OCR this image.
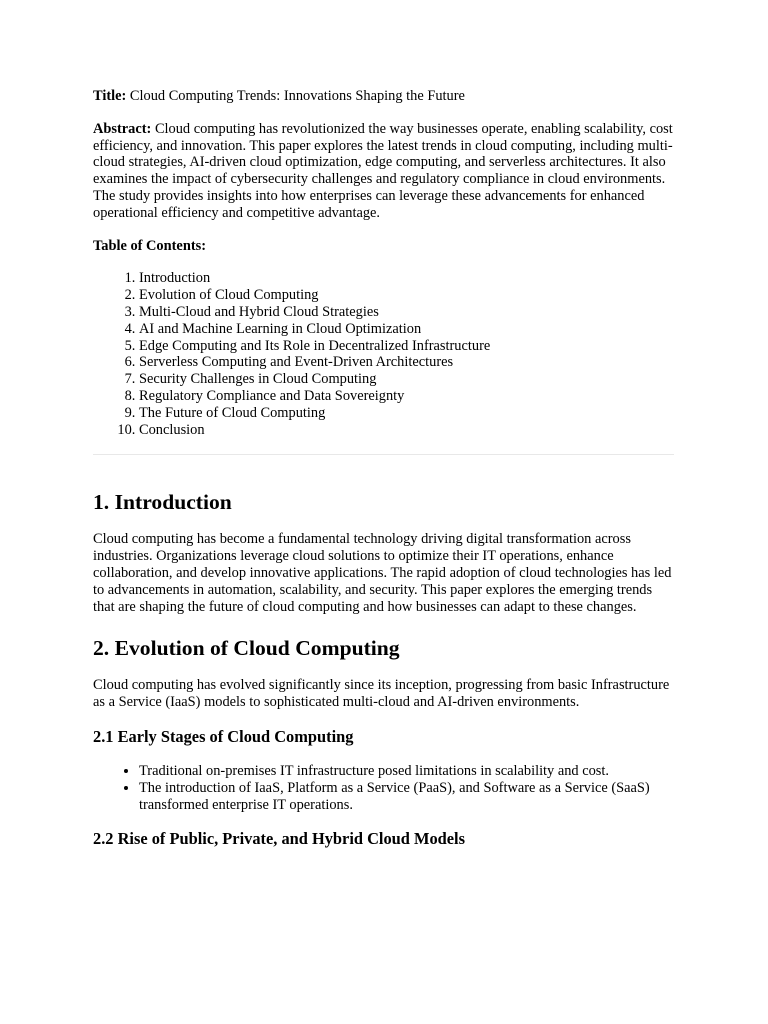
Title: Cloud Computing Trends: Innovations Shaping the Future

Abstract: Cloud computing has revolutionized the way businesses operate, enabling scalability, cost efficiency, and innovation. This paper explores the latest trends in cloud computing, including multi-cloud strategies, AI-driven cloud optimization, edge computing, and serverless architectures. It also examines the impact of cybersecurity challenges and regulatory compliance in cloud environments. The study provides insights into how enterprises can leverage these advancements for enhanced operational efficiency and competitive advantage.

Table of Contents:

1. Introduction
2. Evolution of Cloud Computing
3. Multi-Cloud and Hybrid Cloud Strategies
4. AI and Machine Learning in Cloud Optimization
5. Edge Computing and Its Role in Decentralized Infrastructure
6. Serverless Computing and Event-Driven Architectures
7. Security Challenges in Cloud Computing
8. Regulatory Compliance and Data Sovereignty
9. The Future of Cloud Computing
10. Conclusion
1. Introduction

Cloud computing has become a fundamental technology driving digital transformation across industries. Organizations leverage cloud solutions to optimize their IT operations, enhance collaboration, and develop innovative applications. The rapid adoption of cloud technologies has led to advancements in automation, scalability, and security. This paper explores the emerging trends that are shaping the future of cloud computing and how businesses can adapt to these changes.

2. Evolution of Cloud Computing

Cloud computing has evolved significantly since its inception, progressing from basic Infrastructure as a Service (IaaS) models to sophisticated multi-cloud and AI-driven environments.

2.1 Early Stages of Cloud Computing
• Traditional on-premises IT infrastructure posed limitations in scalability and cost.
• The introduction of IaaS, Platform as a Service (PaaS), and Software as a Service (SaaS) transformed enterprise IT operations.
2.2 Rise of Public, Private, and Hybrid Cloud Models
